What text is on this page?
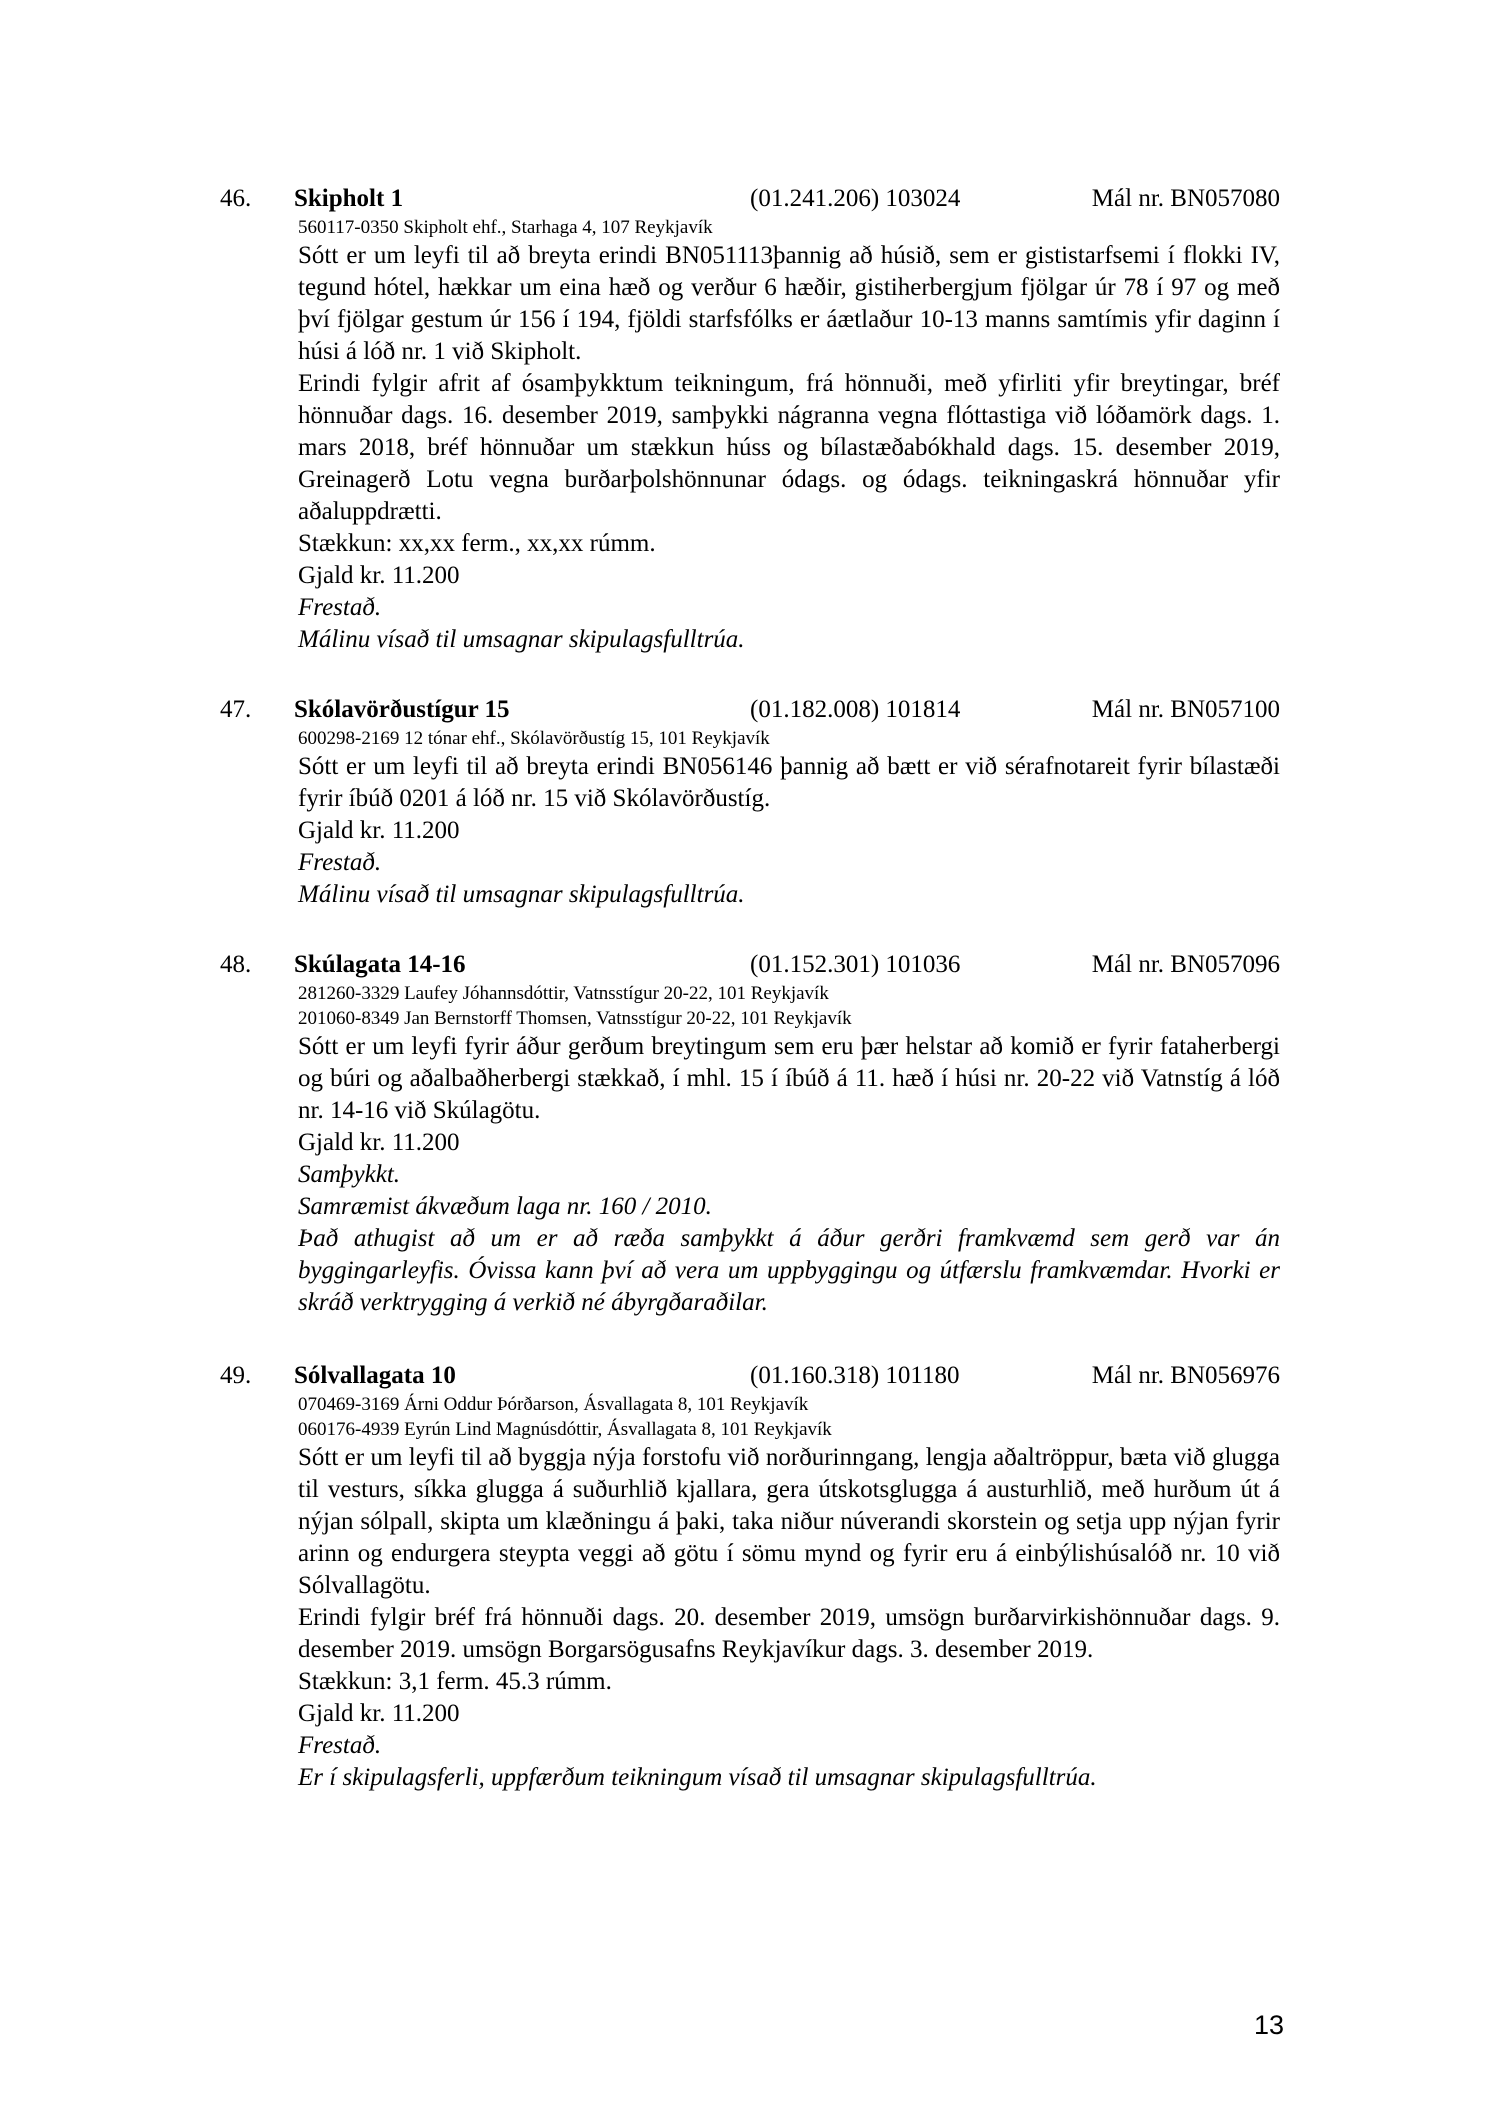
46. Skipholt 1	(01.241.206) 103024	Mál nr. BN057080
560117-0350 Skipholt ehf., Starhaga 4, 107 Reykjavík

Sótt er um leyfi til að breyta erindi BN051113þannig að húsið, sem er gististarfsemi í flokki IV, tegund hótel, hækkar um eina hæð og verður 6 hæðir, gistiherbergjum fjölgar úr 78 í 97 og með því fjölgar gestum úr 156 í 194, fjöldi starfsfólks er áætlaður 10-13 manns samtímis yfir daginn í húsi á lóð nr. 1 við Skipholt.

Erindi fylgir afrit af ósamþykktum teikningum, frá hönnuði, með yfirliti yfir breytingar, bréf hönnuðar dags. 16. desember 2019, samþykki nágranna vegna flóttastiga við lóðamörk dags. 1. mars 2018, bréf hönnuðar um stækkun húss og bílastæðabókhald dags. 15. desember 2019, Greinagerð Lotu vegna burðarþolshönnunar ódags. og ódags. teikningaskrá hönnuðar yfir aðaluppdrætti.

Stækkun: xx,xx ferm., xx,xx rúmm.

Gjald kr. 11.200

Frestað.

Málinu vísað til umsagnar skipulagsfulltrúa.

47. Skólavörðustígur 15	(01.182.008) 101814	Mál nr. BN057100
600298-2169 12 tónar ehf., Skólavörðustíg 15, 101 Reykjavík

Sótt er um leyfi til að breyta erindi BN056146 þannig að bætt er við sérafnotareit fyrir bílastæði fyrir íbúð 0201 á lóð nr. 15 við Skólavörðustíg.

Gjald kr. 11.200

Frestað.

Málinu vísað til umsagnar skipulagsfulltrúa.

48. Skúlagata 14-16	(01.152.301) 101036	Mál nr. BN057096
281260-3329 Laufey Jóhannsdóttir, Vatnsstígur 20-22, 101 Reykjavík
201060-8349 Jan Bernstorff Thomsen, Vatnsstígur 20-22, 101 Reykjavík

Sótt er um leyfi fyrir áður gerðum breytingum sem eru þær helstar að komið er fyrir fataherbergi og búri og aðalbaðherbergi stækkað, í mhl. 15 í íbúð á 11. hæð í húsi nr. 20-22 við Vatnstíg á lóð nr. 14-16 við Skúlagötu.

Gjald kr. 11.200

Samþykkt.

Samræmist ákvæðum laga nr. 160 / 2010.

Það athugist að um er að ræða samþykkt á áður gerðri framkvæmd sem gerð var án byggingarleyfis. Óvissa kann því að vera um uppbyggingu og útfærslu framkvæmdar. Hvorki er skráð verktrygging á verkið né ábyrgðaraðilar.

49. Sólvallagata 10	(01.160.318) 101180	Mál nr. BN056976
070469-3169 Árni Oddur Þórðarson, Ásvallagata 8, 101 Reykjavík
060176-4939 Eyrún Lind Magnúsdóttir, Ásvallagata 8, 101 Reykjavík

Sótt er um leyfi til að byggja nýja forstofu við norðurinngang, lengja aðaltröppur, bæta við glugga til vesturs, síkka glugga á suðurhlið kjallara, gera útskotsglugga á austurhlið, með hurðum út á nýjan sólpall, skipta um klæðningu á þaki, taka niður núverandi skorstein og setja upp nýjan fyrir arinn og endurgera steypta veggi að götu í sömu mynd og fyrir eru á einbýlishúsalóð nr. 10 við Sólvallagötu.

Erindi fylgir bréf frá hönnuði dags. 20. desember 2019, umsögn burðarvirkishönnuðar dags. 9. desember 2019. umsögn Borgarsögusafns Reykjavíkur dags. 3. desember 2019.

Stækkun: 3,1 ferm. 45.3 rúmm.

Gjald kr. 11.200

Frestað.

Er í skipulagsferli, uppfærðum teikningum vísað til umsagnar skipulagsfulltrúa.

13
